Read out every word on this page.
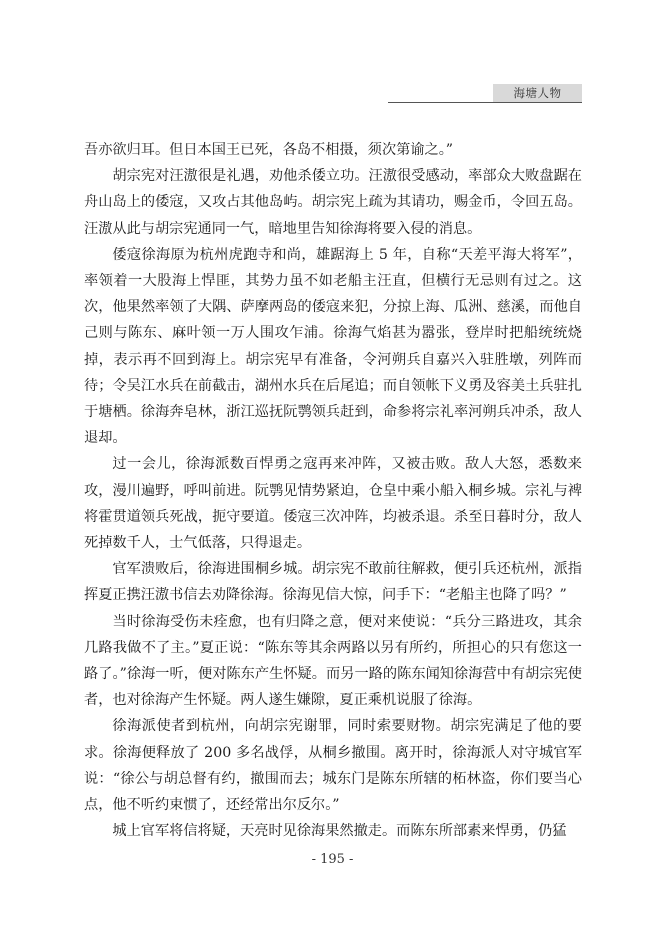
海塘人物

吾亦欲归耳。但日本国王已死，各岛不相摄，须次第谕之。”

胡宗宪对汪滶很是礼遇，劝他杀倭立功。汪滶很受感动，率部众大败盘踞在舟山岛上的倭寇，又攻占其他岛屿。胡宗宪上疏为其请功，赐金币，令回五岛。汪滶从此与胡宗宪通同一气，暗地里告知徐海将要入侵的消息。

倭寇徐海原为杭州虎跑寺和尚，雄踞海上 5 年，自称“天差平海大将军”，率领着一大股海上悍匪，其势力虽不如老船主汪直，但横行无忌则有过之。这次，他果然率领了大隅、萨摩两岛的倭寇来犯，分掠上海、瓜洲、慈溪，而他自己则与陈东、麻叶领一万人围攻乍浦。徐海气焰甚为嚣张，登岸时把船统统烧掉，表示再不回到海上。胡宗宪早有准备，令河朔兵自嘉兴入驻胜墩，列阵而待；令吴江水兵在前截击，湖州水兵在后尾追；而自领帐下义勇及容美土兵驻扎于塘栖。徐海奔皂林，浙江巡抚阮鹗领兵赶到，命参将宗礼率河朔兵冲杀，敌人退却。

过一会儿，徐海派数百悍勇之寇再来冲阵，又被击败。敌人大怒，悉数来攻，漫川遍野，呼叫前进。阮鹗见情势紧迫，仓皇中乘小船入桐乡城。宗礼与裨将霍贯道领兵死战，扼守要道。倭寇三次冲阵，均被杀退。杀至日暮时分，敌人死掉数千人，士气低落，只得退走。

官军溃败后，徐海进围桐乡城。胡宗宪不敢前往解救，便引兵还杭州，派指挥夏正携汪滶书信去劝降徐海。徐海见信大惊，问手下：“老船主也降了吗？”

当时徐海受伤未痊愈，也有归降之意，便对来使说：“兵分三路进攻，其余几路我做不了主。”夏正说：“陈东等其余两路以另有所约，所担心的只有您这一路了。”徐海一听，便对陈东产生怀疑。而另一路的陈东闻知徐海营中有胡宗宪使者，也对徐海产生怀疑。两人遂生嫌隙，夏正乘机说服了徐海。

徐海派使者到杭州，向胡宗宪谢罪，同时索要财物。胡宗宪满足了他的要求。徐海便释放了 200 多名战俘，从桐乡撤围。离开时，徐海派人对守城官军说：“徐公与胡总督有约，撤围而去；城东门是陈东所辖的柘林盗，你们要当心点，他不听约束惯了，还经常出尔反尔。”

城上官军将信将疑，天亮时见徐海果然撤走。而陈东所部素来悍勇，仍猛

- 195 -
